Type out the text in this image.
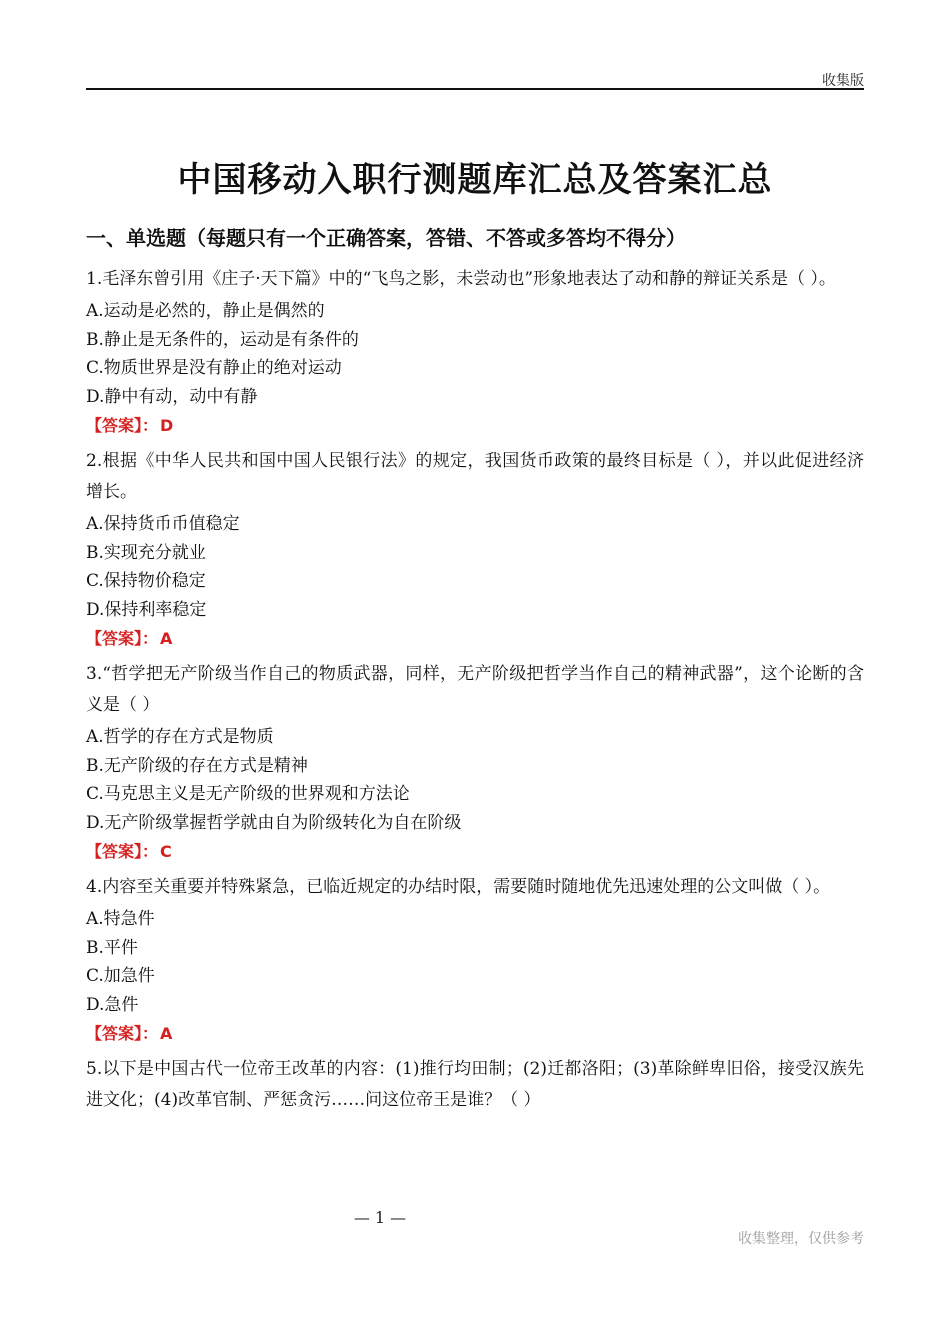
收集版
中国移动入职行测题库汇总及答案汇总
一、单选题（每题只有一个正确答案，答错、不答或多答均不得分）
1.毛泽东曾引用《庄子·天下篇》中的“飞鸟之影，未尝动也”形象地表达了动和静的辩证关系是（ ）。
A.运动是必然的，静止是偶然的
B.静止是无条件的，运动是有条件的
C.物质世界是没有静止的绝对运动
D.静中有动，动中有静
【答案】： D
2.根据《中华人民共和国中国人民银行法》的规定，我国货币政策的最终目标是（ ），并以此促进经济增长。
A.保持货币币值稳定
B.实现充分就业
C.保持物价稳定
D.保持利率稳定
【答案】： A
3.“哲学把无产阶级当作自己的物质武器，同样，无产阶级把哲学当作自己的精神武器”，这个论断的含义是（ ）
A.哲学的存在方式是物质
B.无产阶级的存在方式是精神
C.马克思主义是无产阶级的世界观和方法论
D.无产阶级掌握哲学就由自为阶级转化为自在阶级
【答案】： C
4.内容至关重要并特殊紧急，已临近规定的办结时限，需要随时随地优先迅速处理的公文叫做（ ）。
A.特急件
B.平件
C.加急件
D.急件
【答案】： A
5.以下是中国古代一位帝王改革的内容：(1)推行均田制；(2)迁都洛阳；(3)革除鲜卑旧俗，接受汉族先进文化；(4)改革官制、严惩贪污……问这位帝王是谁？（ ）
— 1 —
收集整理，仅供参考
